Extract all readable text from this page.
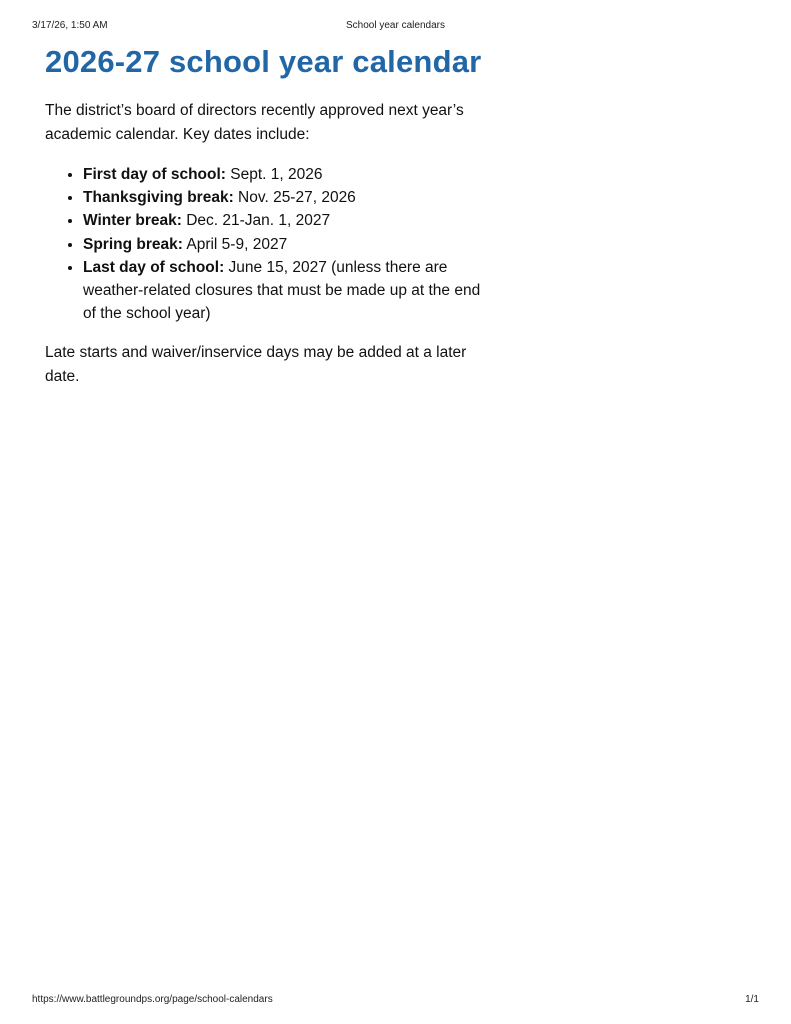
3/17/26, 1:50 AM	School year calendars
2026-27 school year calendar

The district’s board of directors recently approved next year’s academic calendar. Key dates include:

• First day of school: Sept. 1, 2026
• Thanksgiving break: Nov. 25-27, 2026
• Winter break: Dec. 21-Jan. 1, 2027
• Spring break: April 5-9, 2027
• Last day of school: June 15, 2027 (unless there are weather-related closures that must be made up at the end of the school year)

Late starts and waiver/inservice days may be added at a later date.

https://www.battlegroundps.org/page/school-calendars	1/1
